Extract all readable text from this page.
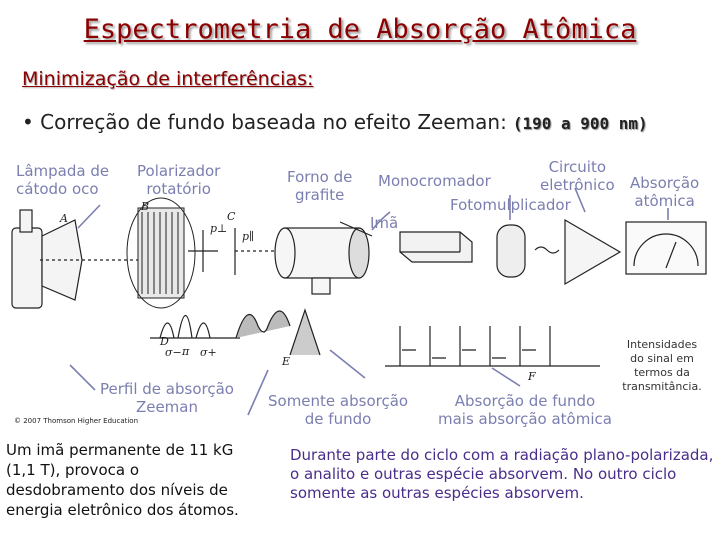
Espectrometria de Absorção Atômica
Minimização de interferências:
• Correção de fundo baseada no efeito Zeeman: (190 a 900 nm)
A
B
C
D
E
F
p⊥
p∥
π
σ− σ+
Lâmpada de
cátodo oco
Polarizador
rotatório
Forno de
grafite
Monocromador
Imã
Fotomulplicador
Circuito
eletrônico Absorção
atômica
Perfil de absorção
Zeeman	Somente absorção
de fundo
Absorção de fundo
mais absorção atômica
Intensidades
do sinal em
termos da
transmitância.
© 2007 Thomson Higher Education
Um imã permanente de 11 kG (1,1 T), provoca o desdobramento dos níveis de energia eletrônico dos átomos.
Durante parte do ciclo com a radiação plano-polarizada, o analito e outras espécie absorvem. No outro ciclo somente as outras espécies absorvem.
